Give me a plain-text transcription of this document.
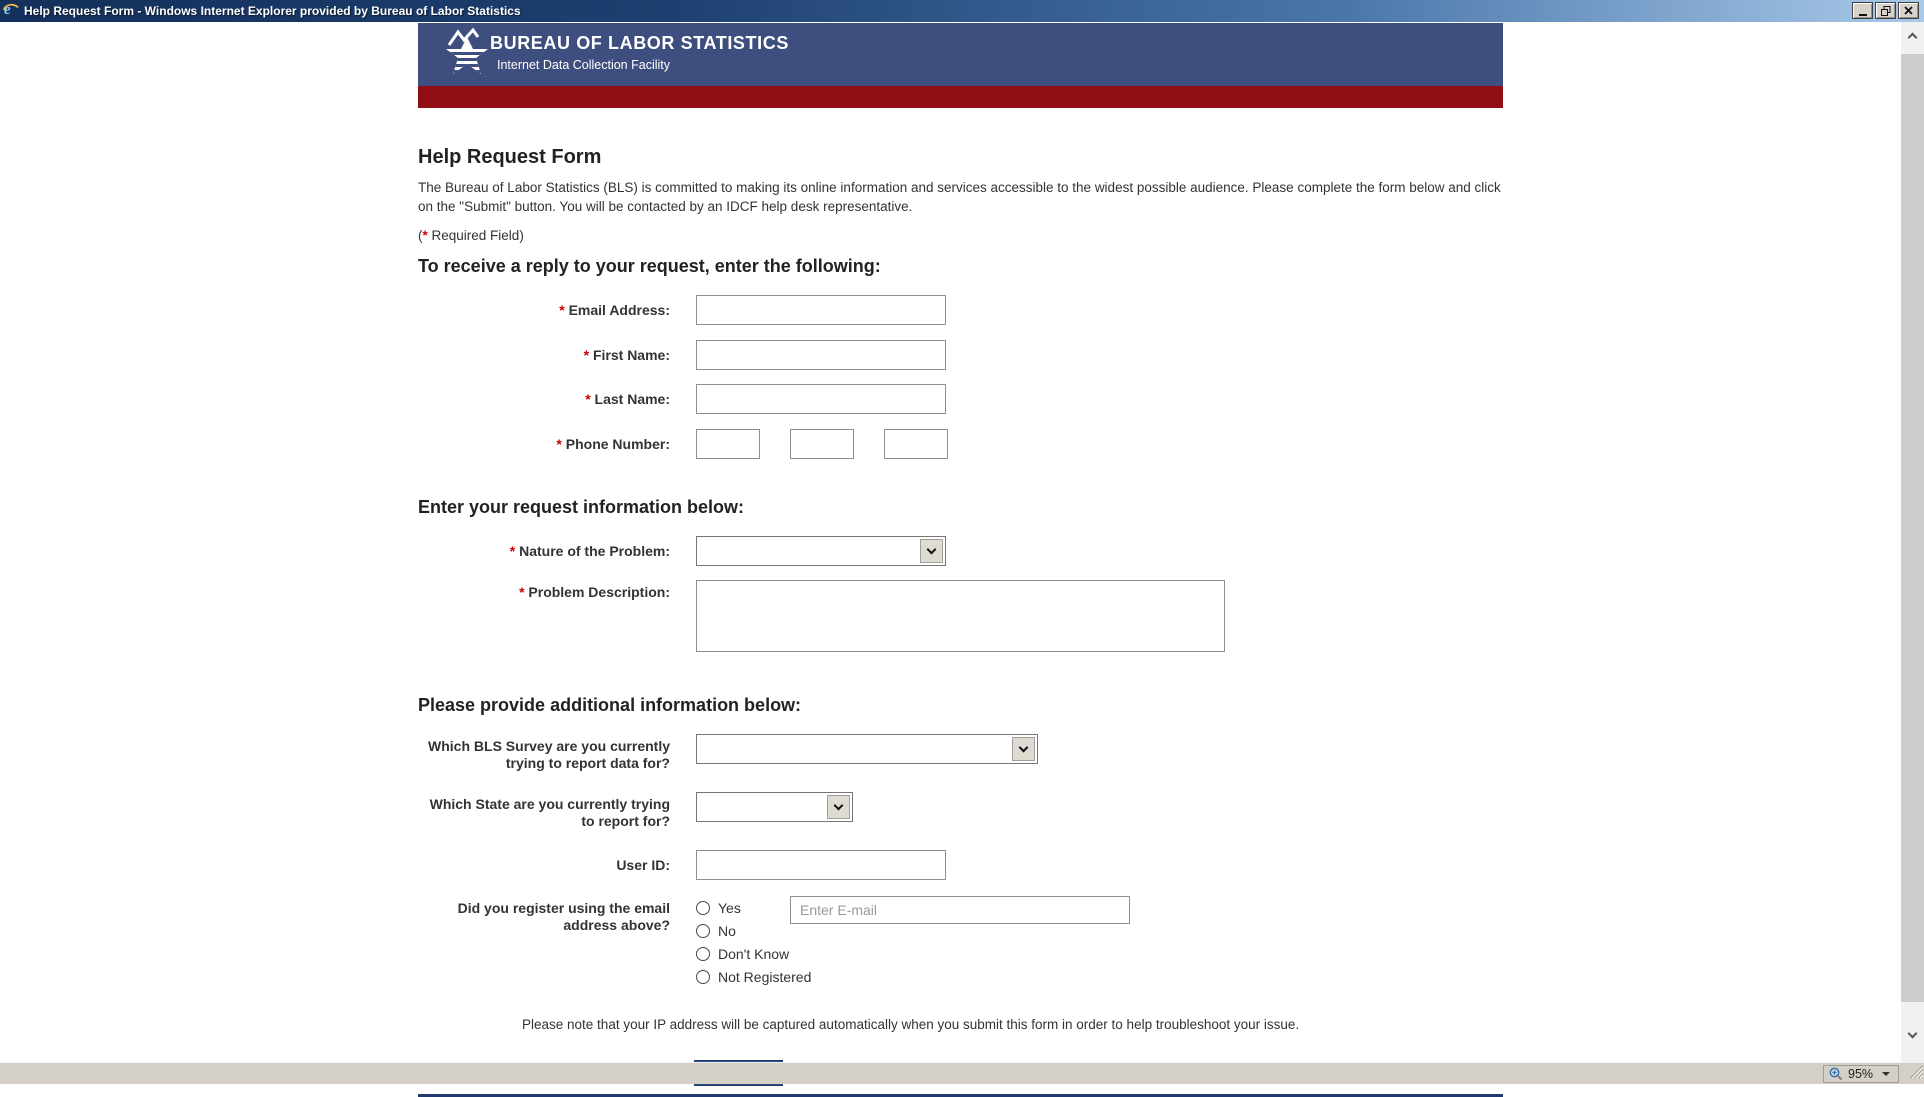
e Help Request Form - Windows Internet Explorer provided by Bureau of Labor Statistics
BUREAU OF LABOR STATISTICS
Internet Data Collection Facility
Help Request Form

The Bureau of Labor Statistics (BLS) is committed to making its online information and services accessible to the widest possible audience. Please complete the form below and click on the "Submit" button. You will be contacted by an IDCF help desk representative.

(* Required Field)

To receive a reply to your request, enter the following:
* Email Address:
* First Name:
* Last Name:
* Phone Number:
Enter your request information below:
* Nature of the Problem:
* Problem Description:
Please provide additional information below:
Which BLS Survey are you currently trying to report data for?
Which State are you currently trying to report for?
User ID:
Did you register using the email address above?
Yes
No
Don't Know
Not Registered
Enter E-mail
Please note that your IP address will be captured automatically when you submit this form in order to help troubleshoot your issue.
95%
